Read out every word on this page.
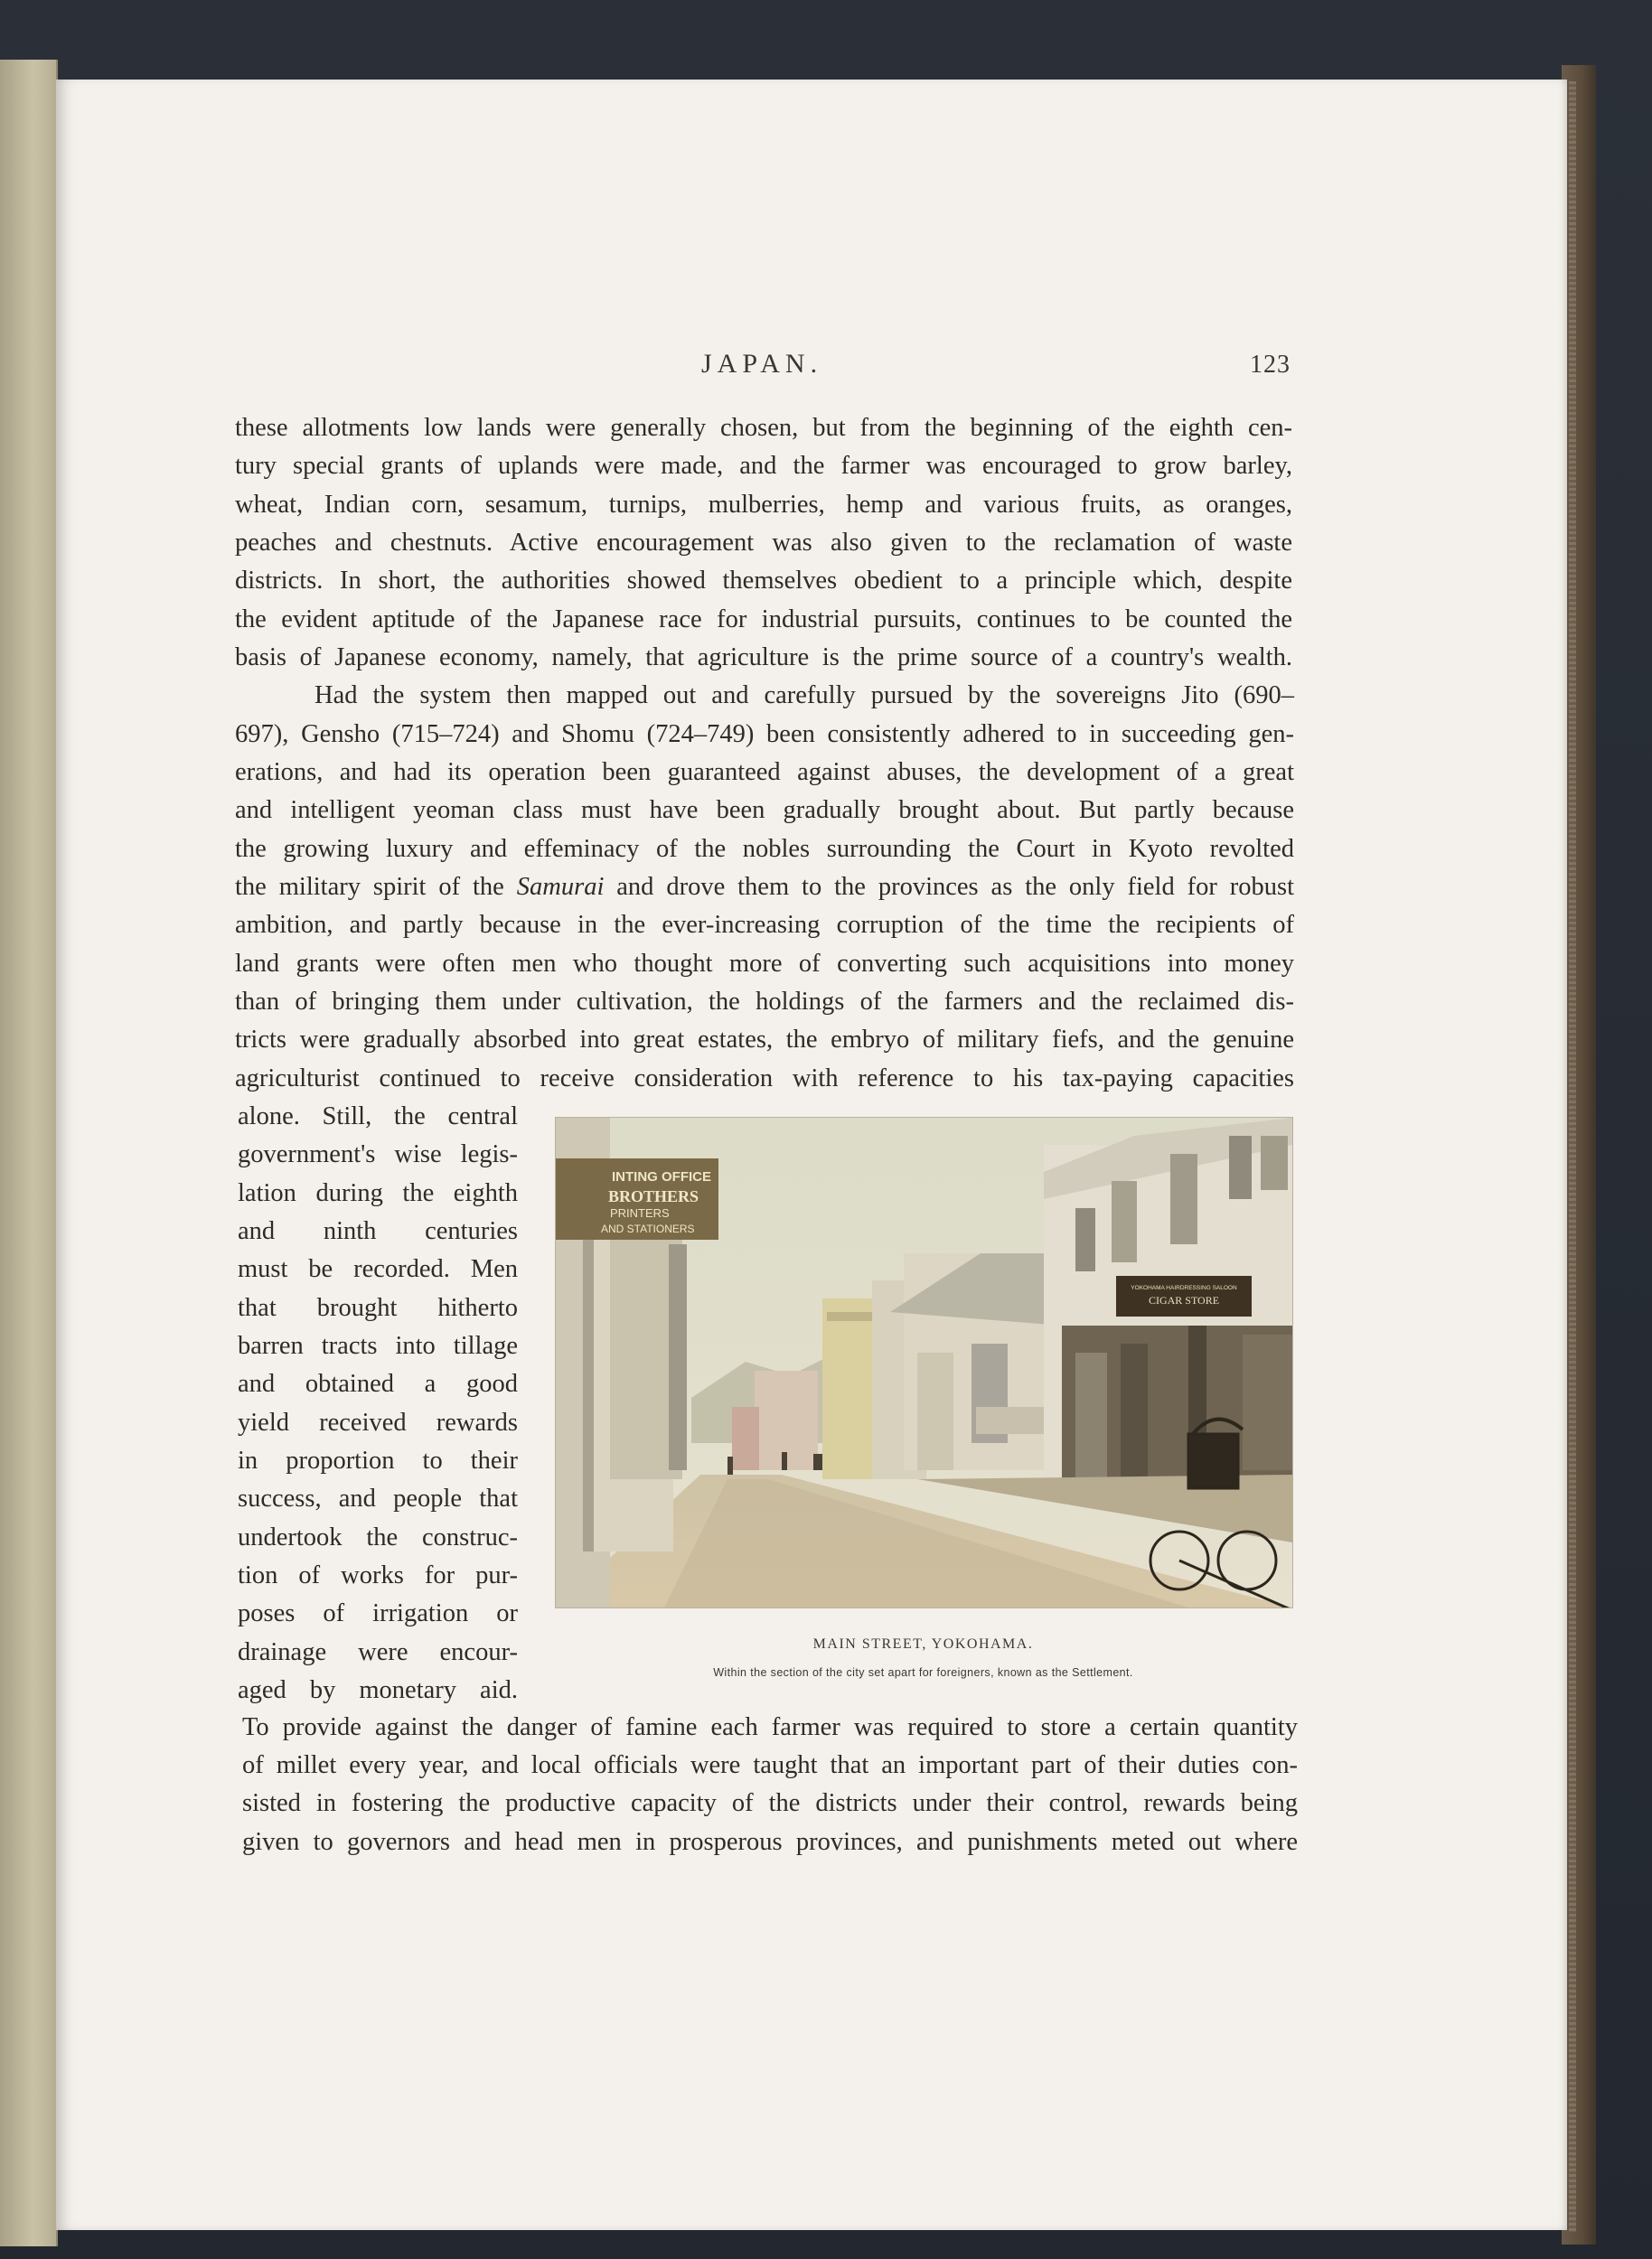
JAPAN.	123
these allotments low lands were generally chosen, but from the beginning of the eighth cen-
tury special grants of uplands were made, and the farmer was encouraged to grow barley,
wheat, Indian corn, sesamum, turnips, mulberries, hemp and various fruits, as oranges,
peaches and chestnuts. Active encouragement was also given to the reclamation of waste
districts. In short, the authorities showed themselves obedient to a principle which, despite
the evident aptitude of the Japanese race for industrial pursuits, continues to be counted the
basis of Japanese economy, namely, that agriculture is the prime source of a country's wealth.
Had the system then mapped out and carefully pursued by the sovereigns Jito (690–
697), Gensho (715–724) and Shomu (724–749) been consistently adhered to in succeeding gen-
erations, and had its operation been guaranteed against abuses, the development of a great
and intelligent yeoman class must have been gradually brought about. But partly because
the growing luxury and effeminacy of the nobles surrounding the Court in Kyoto revolted
the military spirit of the Samurai and drove them to the provinces as the only field for robust
ambition, and partly because in the ever-increasing corruption of the time the recipients of
land grants were often men who thought more of converting such acquisitions into money
than of bringing them under cultivation, the holdings of the farmers and the reclaimed dis-
tricts were gradually absorbed into great estates, the embryo of military fiefs, and the genuine
agriculturist continued to receive consideration with reference to his tax-paying capacities
alone. Still, the central
government's wise legis-
lation during the eighth
and ninth centuries
must be recorded. Men
that brought hitherto
barren tracts into tillage
and obtained a good
yield received rewards
in proportion to their
success, and people that
undertook the construc-
tion of works for pur-
poses of irrigation or
drainage were encour-
aged by monetary aid.
INTING OFFICE
BROTHERS
PRINTERS
AND STATIONERS
YOKOHAMA HAIRDRESSING SALOON
CIGAR STORE
MAIN STREET, YOKOHAMA.
Within the section of the city set apart for foreigners, known as the Settlement.
To provide against the danger of famine each farmer was required to store a certain quantity
of millet every year, and local officials were taught that an important part of their duties con-
sisted in fostering the productive capacity of the districts under their control, rewards being
given to governors and head men in prosperous provinces, and punishments meted out where
